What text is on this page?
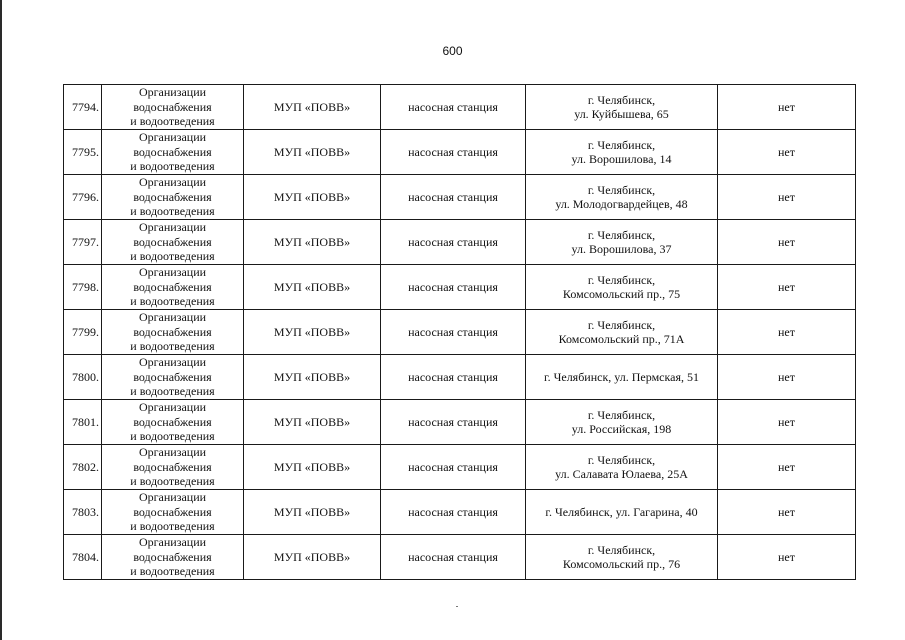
600
7794.	Организации
водоснабжения
и водоотведения	МУП «ПОВВ»	насосная станция	г. Челябинск,
ул. Куйбышева, 65	нет

7795.	Организации
водоснабжения
и водоотведения	МУП «ПОВВ»	насосная станция	г. Челябинск,
ул. Ворошилова, 14	нет

7796.	Организации
водоснабжения
и водоотведения	МУП «ПОВВ»	насосная станция	г. Челябинск,
ул. Молодогвардейцев, 48	нет

7797.	Организации
водоснабжения
и водоотведения	МУП «ПОВВ»	насосная станция	г. Челябинск,
ул. Ворошилова, 37	нет

7798.	Организации
водоснабжения
и водоотведения	МУП «ПОВВ»	насосная станция	г. Челябинск,
Комсомольский пр., 75	нет

7799.	Организации
водоснабжения
и водоотведения	МУП «ПОВВ»	насосная станция	г. Челябинск,
Комсомольский пр., 71А	нет

7800.	Организации
водоснабжения
и водоотведения	МУП «ПОВВ»	насосная станция	г. Челябинск, ул. Пермская, 51	нет

7801.	Организации
водоснабжения
и водоотведения	МУП «ПОВВ»	насосная станция	г. Челябинск,
ул. Российская, 198	нет

7802.	Организации
водоснабжения
и водоотведения	МУП «ПОВВ»	насосная станция	г. Челябинск,
ул. Салавата Юлаева, 25А	нет

7803.	Организации
водоснабжения
и водоотведения	МУП «ПОВВ»	насосная станция	г. Челябинск, ул. Гагарина, 40	нет

7804.	Организации
водоснабжения
и водоотведения	МУП «ПОВВ»	насосная станция	г. Челябинск,
Комсомольский пр., 76	нет
